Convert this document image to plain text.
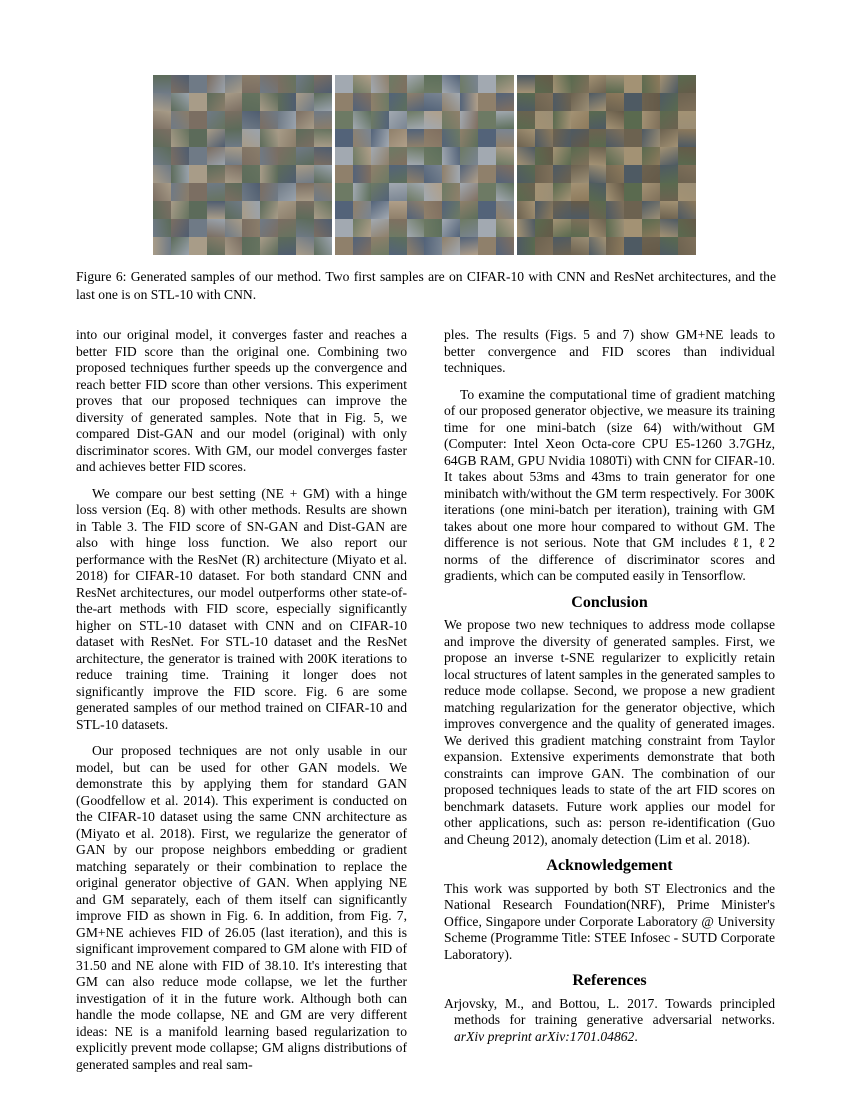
Figure 6: Generated samples of our method. Two first samples are on CIFAR-10 with CNN and ResNet architectures, and the last one is on STL-10 with CNN.

into our original model, it converges faster and reaches a better FID score than the original one. Combining two proposed techniques further speeds up the convergence and reach better FID score than other versions. This experiment proves that our proposed techniques can improve the diversity of generated samples. Note that in Fig. 5, we compared Dist-GAN and our model (original) with only discriminator scores. With GM, our model converges faster and achieves better FID scores.

We compare our best setting (NE + GM) with a hinge loss version (Eq. 8) with other methods. Results are shown in Table 3. The FID score of SN-GAN and Dist-GAN are also with hinge loss function. We also report our performance with the ResNet (R) architecture (Miyato et al. 2018) for CIFAR-10 dataset. For both standard CNN and ResNet architectures, our model outperforms other state-of-the-art methods with FID score, especially significantly higher on STL-10 dataset with CNN and on CIFAR-10 dataset with ResNet. For STL-10 dataset and the ResNet architecture, the generator is trained with 200K iterations to reduce training time. Training it longer does not significantly improve the FID score. Fig. 6 are some generated samples of our method trained on CIFAR-10 and STL-10 datasets.

Our proposed techniques are not only usable in our model, but can be used for other GAN models. We demonstrate this by applying them for standard GAN (Goodfellow et al. 2014). This experiment is conducted on the CIFAR-10 dataset using the same CNN architecture as (Miyato et al. 2018). First, we regularize the generator of GAN by our propose neighbors embedding or gradient matching separately or their combination to replace the original generator objective of GAN. When applying NE and GM separately, each of them itself can significantly improve FID as shown in Fig. 6. In addition, from Fig. 7, GM+NE achieves FID of 26.05 (last iteration), and this is significant improvement compared to GM alone with FID of 31.50 and NE alone with FID of 38.10. It's interesting that GM can also reduce mode collapse, we let the further investigation of it in the future work. Although both can handle the mode collapse, NE and GM are very different ideas: NE is a manifold learning based regularization to explicitly prevent mode collapse; GM aligns distributions of generated samples and real sam-

ples. The results (Figs. 5 and 7) show GM+NE leads to better convergence and FID scores than individual techniques.

To examine the computational time of gradient matching of our proposed generator objective, we measure its training time for one mini-batch (size 64) with/without GM (Computer: Intel Xeon Octa-core CPU E5-1260 3.7GHz, 64GB RAM, GPU Nvidia 1080Ti) with CNN for CIFAR-10. It takes about 53ms and 43ms to train generator for one minibatch with/without the GM term respectively. For 300K iterations (one mini-batch per iteration), training with GM takes about one more hour compared to without GM. The difference is not serious. Note that GM includes ℓ1, ℓ2 norms of the difference of discriminator scores and gradients, which can be computed easily in Tensorflow.

Conclusion

We propose two new techniques to address mode collapse and improve the diversity of generated samples. First, we propose an inverse t-SNE regularizer to explicitly retain local structures of latent samples in the generated samples to reduce mode collapse. Second, we propose a new gradient matching regularization for the generator objective, which improves convergence and the quality of generated images. We derived this gradient matching constraint from Taylor expansion. Extensive experiments demonstrate that both constraints can improve GAN. The combination of our proposed techniques leads to state of the art FID scores on benchmark datasets. Future work applies our model for other applications, such as: person re-identification (Guo and Cheung 2012), anomaly detection (Lim et al. 2018).

Acknowledgement

This work was supported by both ST Electronics and the National Research Foundation(NRF), Prime Minister's Office, Singapore under Corporate Laboratory @ University Scheme (Programme Title: STEE Infosec - SUTD Corporate Laboratory).

References

Arjovsky, M., and Bottou, L. 2017. Towards principled methods for training generative adversarial networks. arXiv preprint arXiv:1701.04862.
